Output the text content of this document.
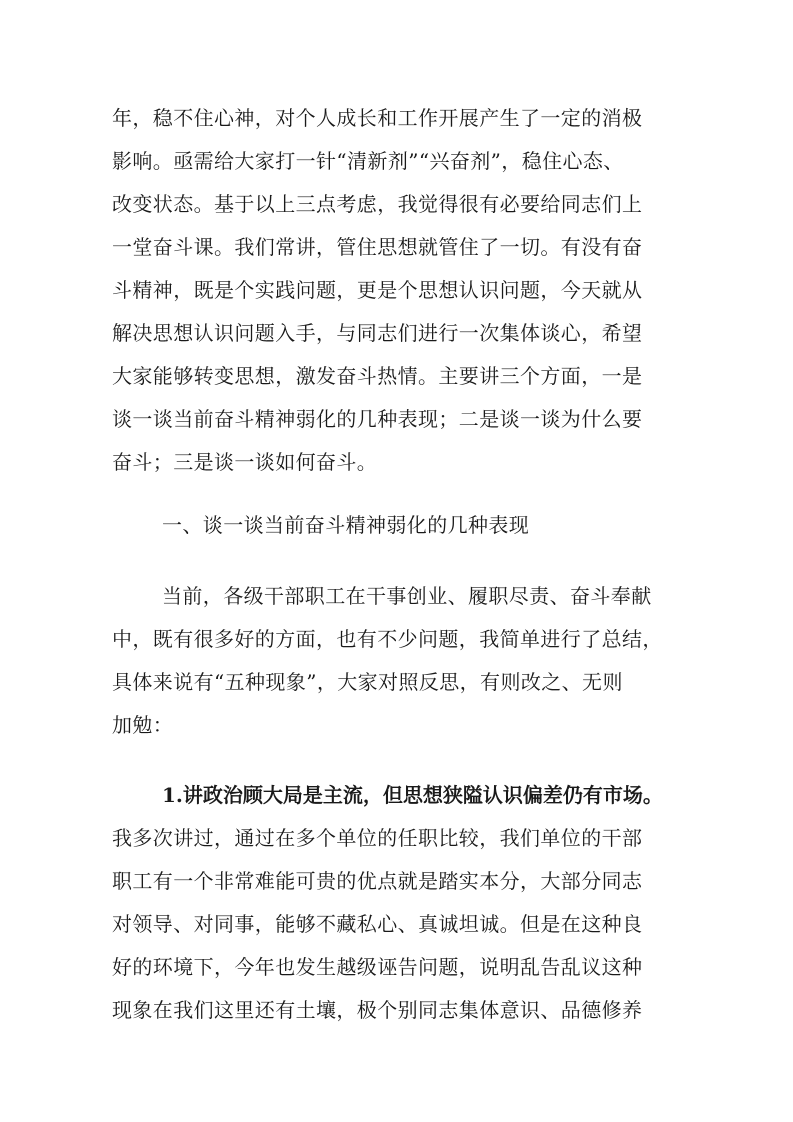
年，稳不住心神，对个人成长和工作开展产生了一定的消极
影响。亟需给大家打一针“清新剂”“兴奋剂”，稳住心态、
改变状态。基于以上三点考虑，我觉得很有必要给同志们上
一堂奋斗课。我们常讲，管住思想就管住了一切。有没有奋
斗精神，既是个实践问题，更是个思想认识问题，今天就从
解决思想认识问题入手，与同志们进行一次集体谈心，希望
大家能够转变思想，激发奋斗热情。主要讲三个方面，一是
谈一谈当前奋斗精神弱化的几种表现；二是谈一谈为什么要
奋斗；三是谈一谈如何奋斗。
一、谈一谈当前奋斗精神弱化的几种表现
当前，各级干部职工在干事创业、履职尽责、奋斗奉献
中，既有很多好的方面，也有不少问题，我简单进行了总结，
具体来说有“五种现象”，大家对照反思，有则改之、无则
加勉：
1.讲政治顾大局是主流，但思想狭隘认识偏差仍有市场。
我多次讲过，通过在多个单位的任职比较，我们单位的干部
职工有一个非常难能可贵的优点就是踏实本分，大部分同志
对领导、对同事，能够不藏私心、真诚坦诚。但是在这种良
好的环境下，今年也发生越级诬告问题，说明乱告乱议这种
现象在我们这里还有土壤，极个别同志集体意识、品德修养
